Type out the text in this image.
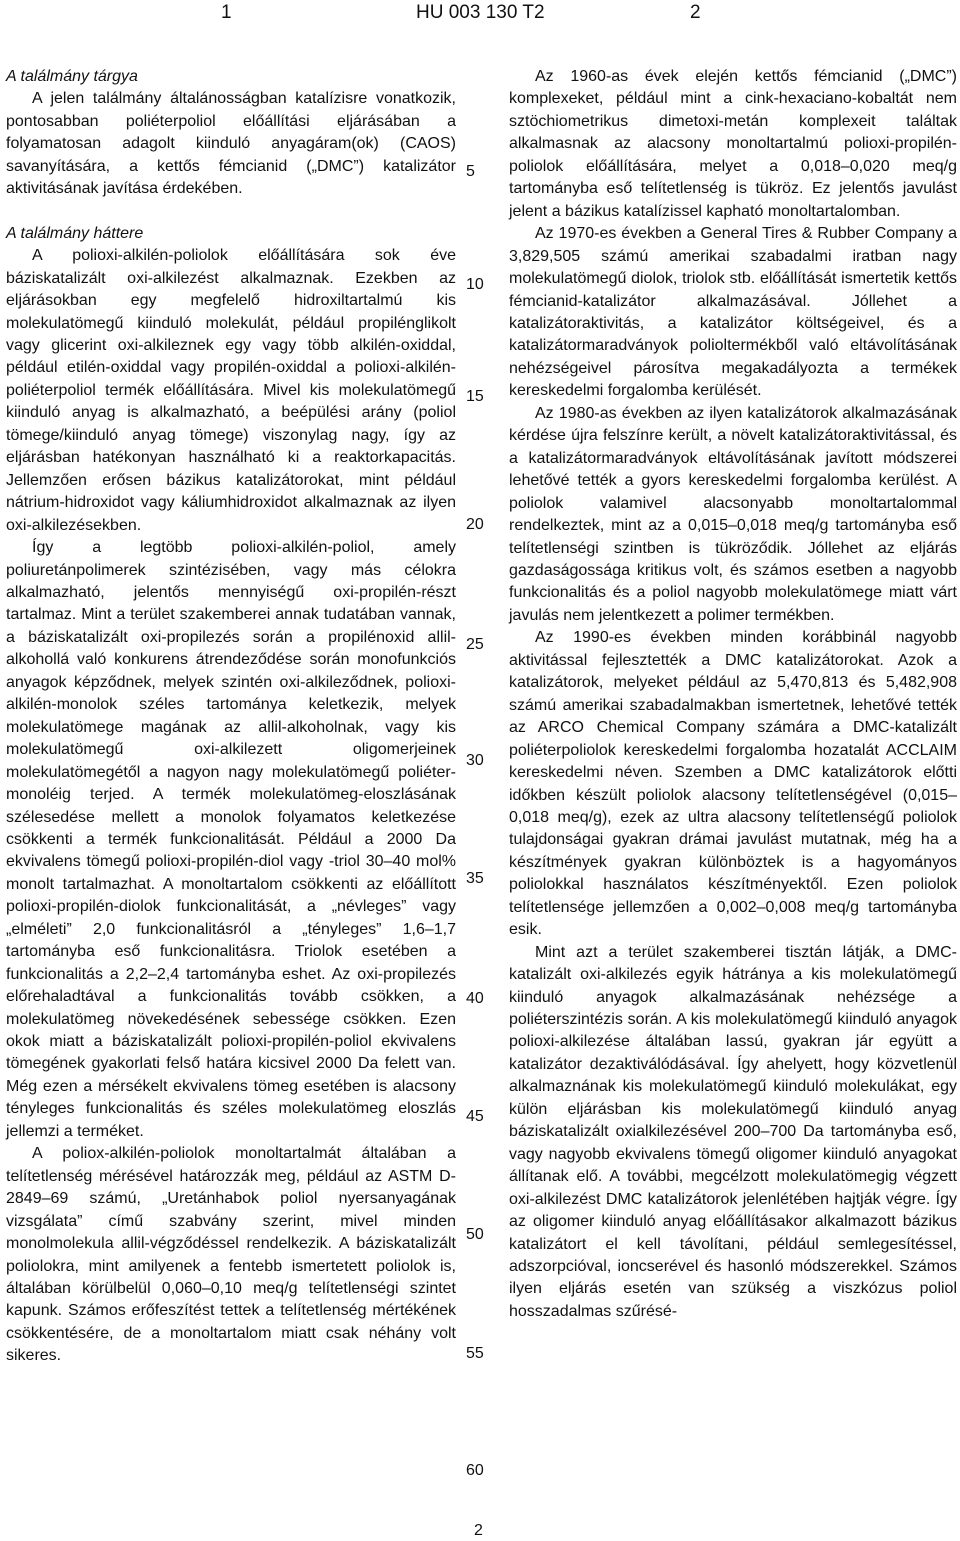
1	HU 003 130 T2	2
A találmány tárgya

A jelen találmány általánosságban katalízisre vonatkozik, pontosabban poliéterpoliol előállítási eljárásában a folyamatosan adagolt kiinduló anyagáram(ok) (CAOS) savanyítására, a kettős fémcianid („DMC”) katalizátor aktivitásának javítása érdekében.

A találmány háttere

A polioxi-alkilén-poliolok előállítására sok éve báziskatalizált oxi-alkilezést alkalmaznak. Ezekben az eljárásokban egy megfelelő hidroxiltartalmú kis molekulatömegű kiinduló molekulát, például propilénglikolt vagy glicerint oxi-alkileznek egy vagy több alkilén-oxiddal, például etilén-oxiddal vagy propilén-oxiddal a polioxi-alkilén-poliéterpoliol termék előállítására. Mivel kis molekulatömegű kiinduló anyag is alkalmazható, a beépülési arány (poliol tömege/kiinduló anyag tömege) viszonylag nagy, így az eljárásban hatékonyan használható ki a reaktorkapacitás. Jellemzően erősen bázikus katalizátorokat, mint például nátrium-hidroxidot vagy káliumhidroxidot alkalmaznak az ilyen oxi-alkilezésekben.

Így a legtöbb polioxi-alkilén-poliol, amely poliuretánpolimerek szintézisében, vagy más célokra alkalmazható, jelentős mennyiségű oxi-propilén-részt tartalmaz. Mint a terület szakemberei annak tudatában vannak, a báziskatalizált oxi-propilezés során a propilénoxid allil-alkohollá való konkurens átrendeződése során monofunkciós anyagok képződnek, melyek szintén oxi-alkileződnek, polioxi-alkilén-monolok széles tartománya keletkezik, melyek molekulatömege magának az allil-alkoholnak, vagy kis molekulatömegű oxi-alkilezett oligomerjeinek molekulatömegétől a nagyon nagy molekulatömegű poliéter-monoléig terjed. A termék molekulatömeg-eloszlásának szélesedése mellett a monolok folyamatos keletkezése csökkenti a termék funkcionalitását. Például a 2000 Da ekvivalens tömegű polioxi-propilén-diol vagy -triol 30–40 mol% monolt tartalmazhat. A monoltartalom csökkenti az előállított polioxi-propilén-diolok funkcionalitását, a „névleges” vagy „elméleti” 2,0 funkcionalitásról a „tényleges” 1,6–1,7 tartományba eső funkcionalitásra. Triolok esetében a funkcionalitás a 2,2–2,4 tartományba eshet. Az oxi-propilezés előrehaladtával a funkcionalitás tovább csökken, a molekulatömeg növekedésének sebessége csökken. Ezen okok miatt a báziskatalizált polioxi-propilén-poliol ekvivalens tömegének gyakorlati felső határa kicsivel 2000 Da felett van. Még ezen a mérsékelt ekvivalens tömeg esetében is alacsony tényleges funkcionalitás és széles molekulatömeg eloszlás jellemzi a terméket.

A poliox-alkilén-poliolok monoltartalmát általában a telítetlenség mérésével határozzák meg, például az ASTM D-2849–69 számú, „Uretánhabok poliol nyersanyagának vizsgálata” című szabvány szerint, mivel minden monolmolekula allil-végződéssel rendelkezik. A báziskatalizált poliolokra, mint amilyenek a fentebb ismertetett poliolok is, általában körülbelül 0,060–0,10 meq/g telítetlenségi szintet kapunk. Számos erőfeszítést tettek a telítetlenség mértékének csökkentésére, de a monoltartalom miatt csak néhány volt sikeres.

5
10
15
20
25
30
35
40
45
50
55
60

Az 1960-as évek elején kettős fémcianid („DMC”) komplexeket, például mint a cink-hexaciano-kobaltát nem sztöchiometrikus dimetoxi-metán komplexeit találtak alkalmasnak az alacsony monoltartalmú polioxi-propilén-poliolok előállítására, melyet a 0,018–0,020 meq/g tartományba eső telítetlenség is tükröz. Ez jelentős javulást jelent a bázikus katalízissel kapható monoltartalomban.

Az 1970-es években a General Tires & Rubber Company a 3,829,505 számú amerikai szabadalmi iratban nagy molekulatömegű diolok, triolok stb. előállítását ismertetik kettős fémcianid-katalizátor alkalmazásával. Jóllehet a katalizátoraktivitás, a katalizátor költségeivel, és a katalizátormaradványok polioltermékből való eltávolításának nehézségeivel párosítva megakadályozta a termékek kereskedelmi forgalomba kerülését.

Az 1980-as években az ilyen katalizátorok alkalmazásának kérdése újra felszínre került, a növelt katalizátoraktivitással, és a katalizátormaradványok eltávolításának javított módszerei lehetővé tették a gyors kereskedelmi forgalomba kerülést. A poliolok valamivel alacsonyabb monoltartalommal rendelkeztek, mint az a 0,015–0,018 meq/g tartományba eső telítetlenségi szintben is tükröződik. Jóllehet az eljárás gazdaságossága kritikus volt, és számos esetben a nagyobb funkcionalitás és a poliol nagyobb molekulatömege miatt várt javulás nem jelentkezett a polimer termékben.

Az 1990-es években minden korábbinál nagyobb aktivitással fejlesztették a DMC katalizátorokat. Azok a katalizátorok, melyeket például az 5,470,813 és 5,482,908 számú amerikai szabadalmakban ismertetnek, lehetővé tették az ARCO Chemical Company számára a DMC-katalizált poliéterpoliolok kereskedelmi forgalomba hozatalát ACCLAIM kereskedelmi néven. Szemben a DMC katalizátorok előtti időkben készült poliolok alacsony telítetlenségével (0,015–0,018 meq/g), ezek az ultra alacsony telítetlenségű poliolok tulajdonságai gyakran drámai javulást mutatnak, még ha a készítmények gyakran különböztek is a hagyományos poliolokkal használatos készítményektől. Ezen poliolok telítetlensége jellemzően a 0,002–0,008 meq/g tartományba esik.

Mint azt a terület szakemberei tisztán látják, a DMC-katalizált oxi-alkilezés egyik hátránya a kis molekulatömegű kiinduló anyagok alkalmazásának nehézsége a poliéterszintézis során. A kis molekulatömegű kiinduló anyagok polioxi-alkilezése általában lassú, gyakran jár együtt a katalizátor dezaktiválódásával. Így ahelyett, hogy közvetlenül alkalmaznának kis molekulatömegű kiinduló molekulákat, egy külön eljárásban kis molekulatömegű kiinduló anyag báziskatalizált oxialkilezésével 200–700 Da tartományba eső, vagy nagyobb ekvivalens tömegű oligomer kiinduló anyagokat állítanak elő. A további, megcélzott molekulatömegig végzett oxi-alkilezést DMC katalizátorok jelenlétében hajtják végre. Így az oligomer kiinduló anyag előállításakor alkalmazott bázikus katalizátort el kell távolítani, például semlegesítéssel, adszorpcióval, ioncserével és hasonló módszerekkel. Számos ilyen eljárás esetén van szükség a viszkózus poliol hosszadalmas szűrésé-

2
